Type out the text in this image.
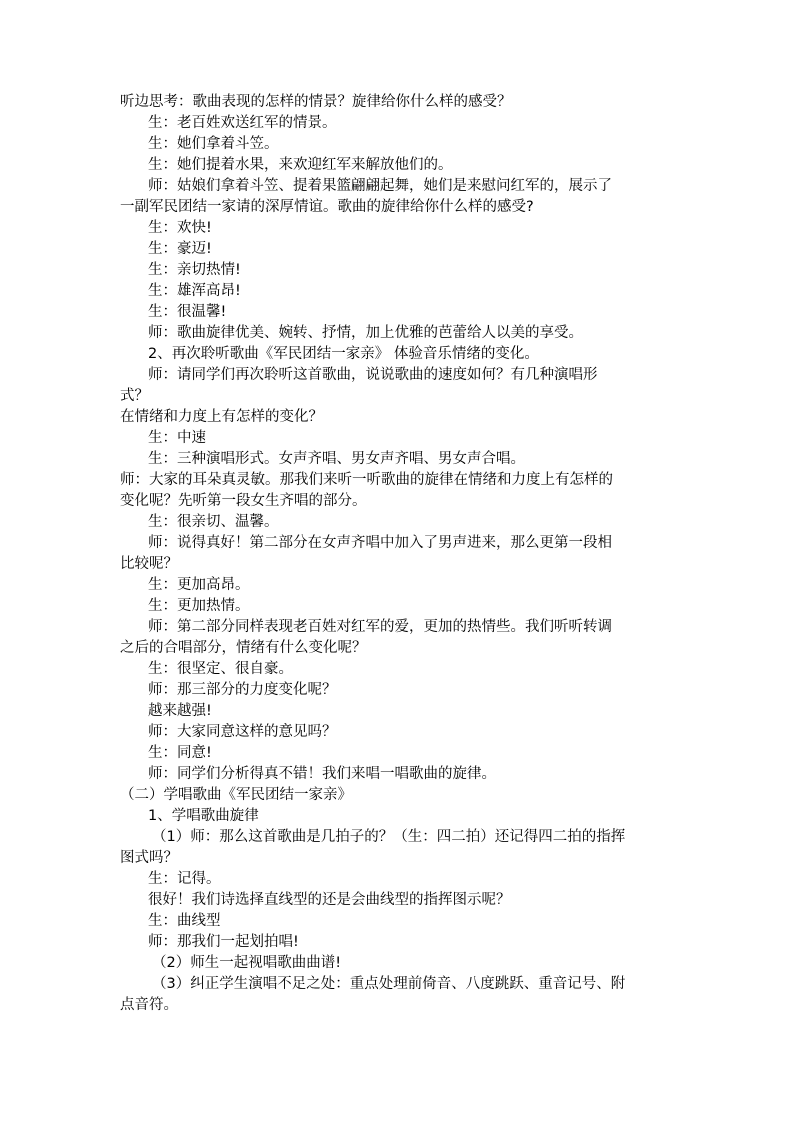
听边思考：歌曲表现的怎样的情景？旋律给你什么样的感受？
生：老百姓欢送红军的情景。
生：她们拿着斗笠。
生：她们提着水果，来欢迎红军来解放他们的。
师：姑娘们拿着斗笠、提着果篮翩翩起舞，她们是来慰问红军的，展示了
一副军民团结一家请的深厚情谊。歌曲的旋律给你什么样的感受?
生：欢快!
生：豪迈!
生：亲切热情!
生：雄浑高昂!
生：很温馨!
师：歌曲旋律优美、婉转、抒情，加上优雅的芭蕾给人以美的享受。
2、再次聆听歌曲《军民团结一家亲》 体验音乐情绪的变化。
师：请同学们再次聆听这首歌曲，说说歌曲的速度如何？有几种演唱形
式？
在情绪和力度上有怎样的变化？
生：中速
生：三种演唱形式。女声齐唱、男女声齐唱、男女声合唱。
师：大家的耳朵真灵敏。那我们来听一听歌曲的旋律在情绪和力度上有怎样的
变化呢？先听第一段女生齐唱的部分。
生：很亲切、温馨。
师：说得真好！第二部分在女声齐唱中加入了男声进来，那么更第一段相
比较呢？
生：更加高昂。
生：更加热情。
师：第二部分同样表现老百姓对红军的爱，更加的热情些。我们听听转调
之后的合唱部分，情绪有什么变化呢？
生：很坚定、很自豪。
师：那三部分的力度变化呢？
越来越强!
师：大家同意这样的意见吗？
生：同意!
师：同学们分析得真不错！我们来唱一唱歌曲的旋律。
（二）学唱歌曲《军民团结一家亲》
1、学唱歌曲旋律
（1）师：那么这首歌曲是几拍子的？（生：四二拍）还记得四二拍的指挥
图式吗？
生：记得。
很好！我们诗选择直线型的还是会曲线型的指挥图示呢？
生：曲线型
师：那我们一起划拍唱!
（2）师生一起视唱歌曲曲谱!
（3）纠正学生演唱不足之处：重点处理前倚音、八度跳跃、重音记号、附
点音符。
